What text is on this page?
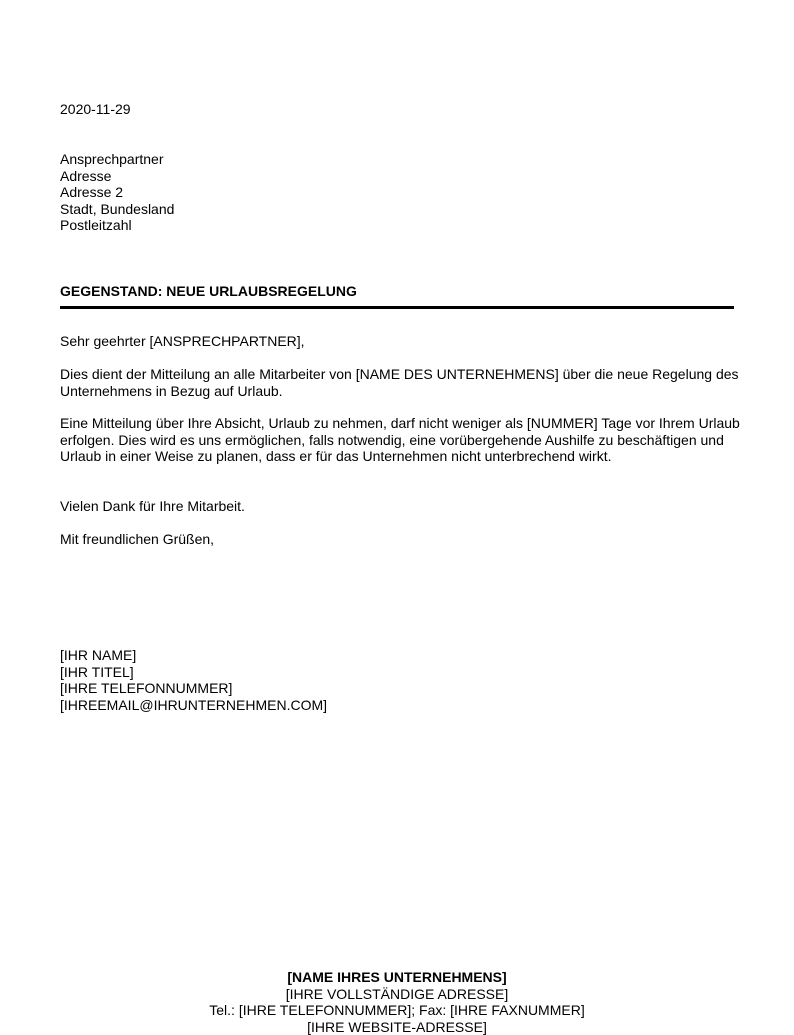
2020-11-29
Ansprechpartner
Adresse
Adresse 2
Stadt, Bundesland
Postleitzahl
GEGENSTAND: NEUE URLAUBSREGELUNG
Sehr geehrter [ANSPRECHPARTNER],
Dies dient der Mitteilung an alle Mitarbeiter von [NAME DES UNTERNEHMENS] über die neue Regelung des Unternehmens in Bezug auf Urlaub.
Eine Mitteilung über Ihre Absicht, Urlaub zu nehmen, darf nicht weniger als [NUMMER] Tage vor Ihrem Urlaub erfolgen. Dies wird es uns ermöglichen, falls notwendig, eine vorübergehende Aushilfe zu beschäftigen und Urlaub in einer Weise zu planen, dass er für das Unternehmen nicht unterbrechend wirkt.
Vielen Dank für Ihre Mitarbeit.
Mit freundlichen Grüßen,
[IHR NAME]
[IHR TITEL]
[IHRE TELEFONNUMMER]
[IHREEMAIL@IHRUNTERNEHMEN.COM]
[NAME IHRES UNTERNEHMENS]
[IHRE VOLLSTÄNDIGE ADRESSE]
Tel.: [IHRE TELEFONNUMMER]; Fax: [IHRE FAXNUMMER]
[IHRE WEBSITE-ADRESSE]
